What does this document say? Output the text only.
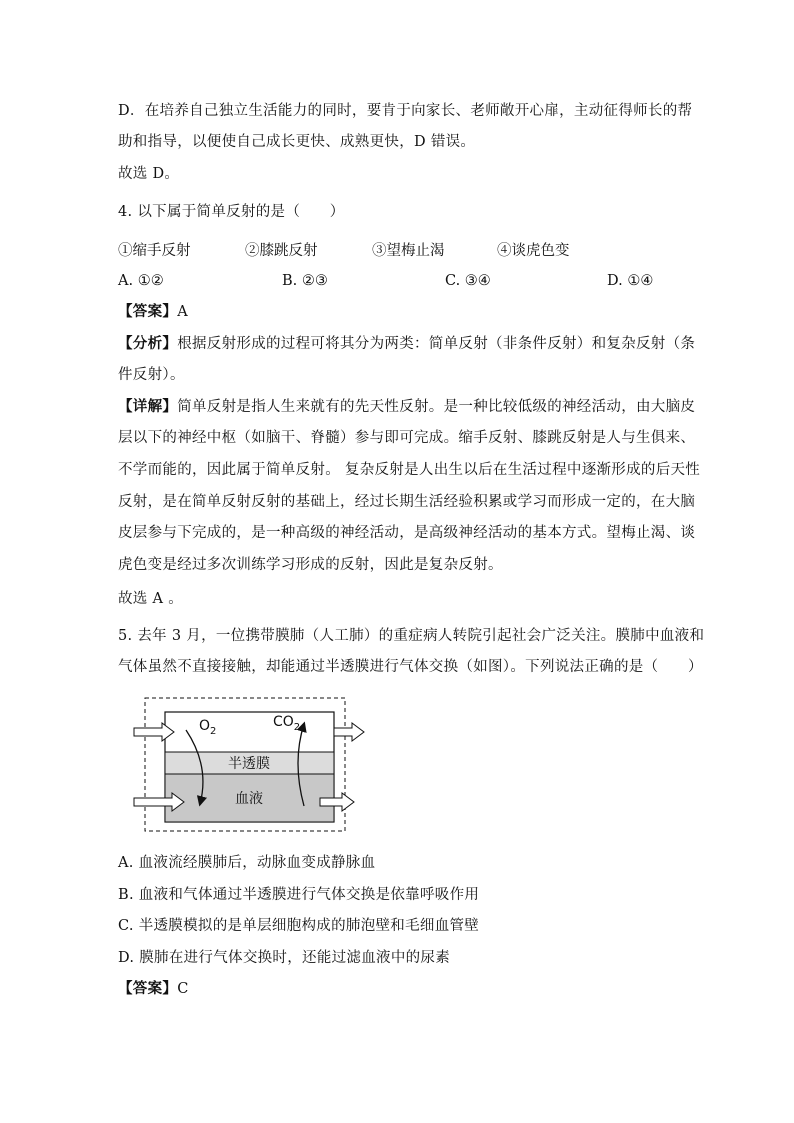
D．在培养自己独立生活能力的同时，要肯于向家长、老师敞开心扉，主动征得师长的帮
助和指导，以便使自己成长更快、成熟更快，D 错误。
故选 D。
4. 以下属于简单反射的是（　　）
①缩手反射	②膝跳反射	③望梅止渴	④谈虎色变
A. ①②	B. ②③	C. ③④	D. ①④
【答案】A
【分析】根据反射形成的过程可将其分为两类：简单反射（非条件反射）和复杂反射（条
件反射）。
【详解】简单反射是指人生来就有的先天性反射。是一种比较低级的神经活动，由大脑皮
层以下的神经中枢（如脑干、脊髓）参与即可完成。缩手反射、膝跳反射是人与生俱来、
不学而能的，因此属于简单反射。 复杂反射是人出生以后在生活过程中逐渐形成的后天性
反射，是在简单反射反射的基础上，经过长期生活经验积累或学习而形成一定的，在大脑
皮层参与下完成的，是一种高级的神经活动，是高级神经活动的基本方式。望梅止渴、谈
虎色变是经过多次训练学习形成的反射，因此是复杂反射。
故选 A 。
5. 去年 3 月，一位携带膜肺（人工肺）的重症病人转院引起社会广泛关注。膜肺中血液和
气体虽然不直接接触，却能通过半透膜进行气体交换（如图）。下列说法正确的是（　　）
$O_2$
$CO_2$
半透膜
血液
A. 血液流经膜肺后，动脉血变成静脉血
B. 血液和气体通过半透膜进行气体交换是依靠呼吸作用
C. 半透膜模拟的是单层细胞构成的肺泡壁和毛细血管壁
D. 膜肺在进行气体交换时，还能过滤血液中的尿素
【答案】C
